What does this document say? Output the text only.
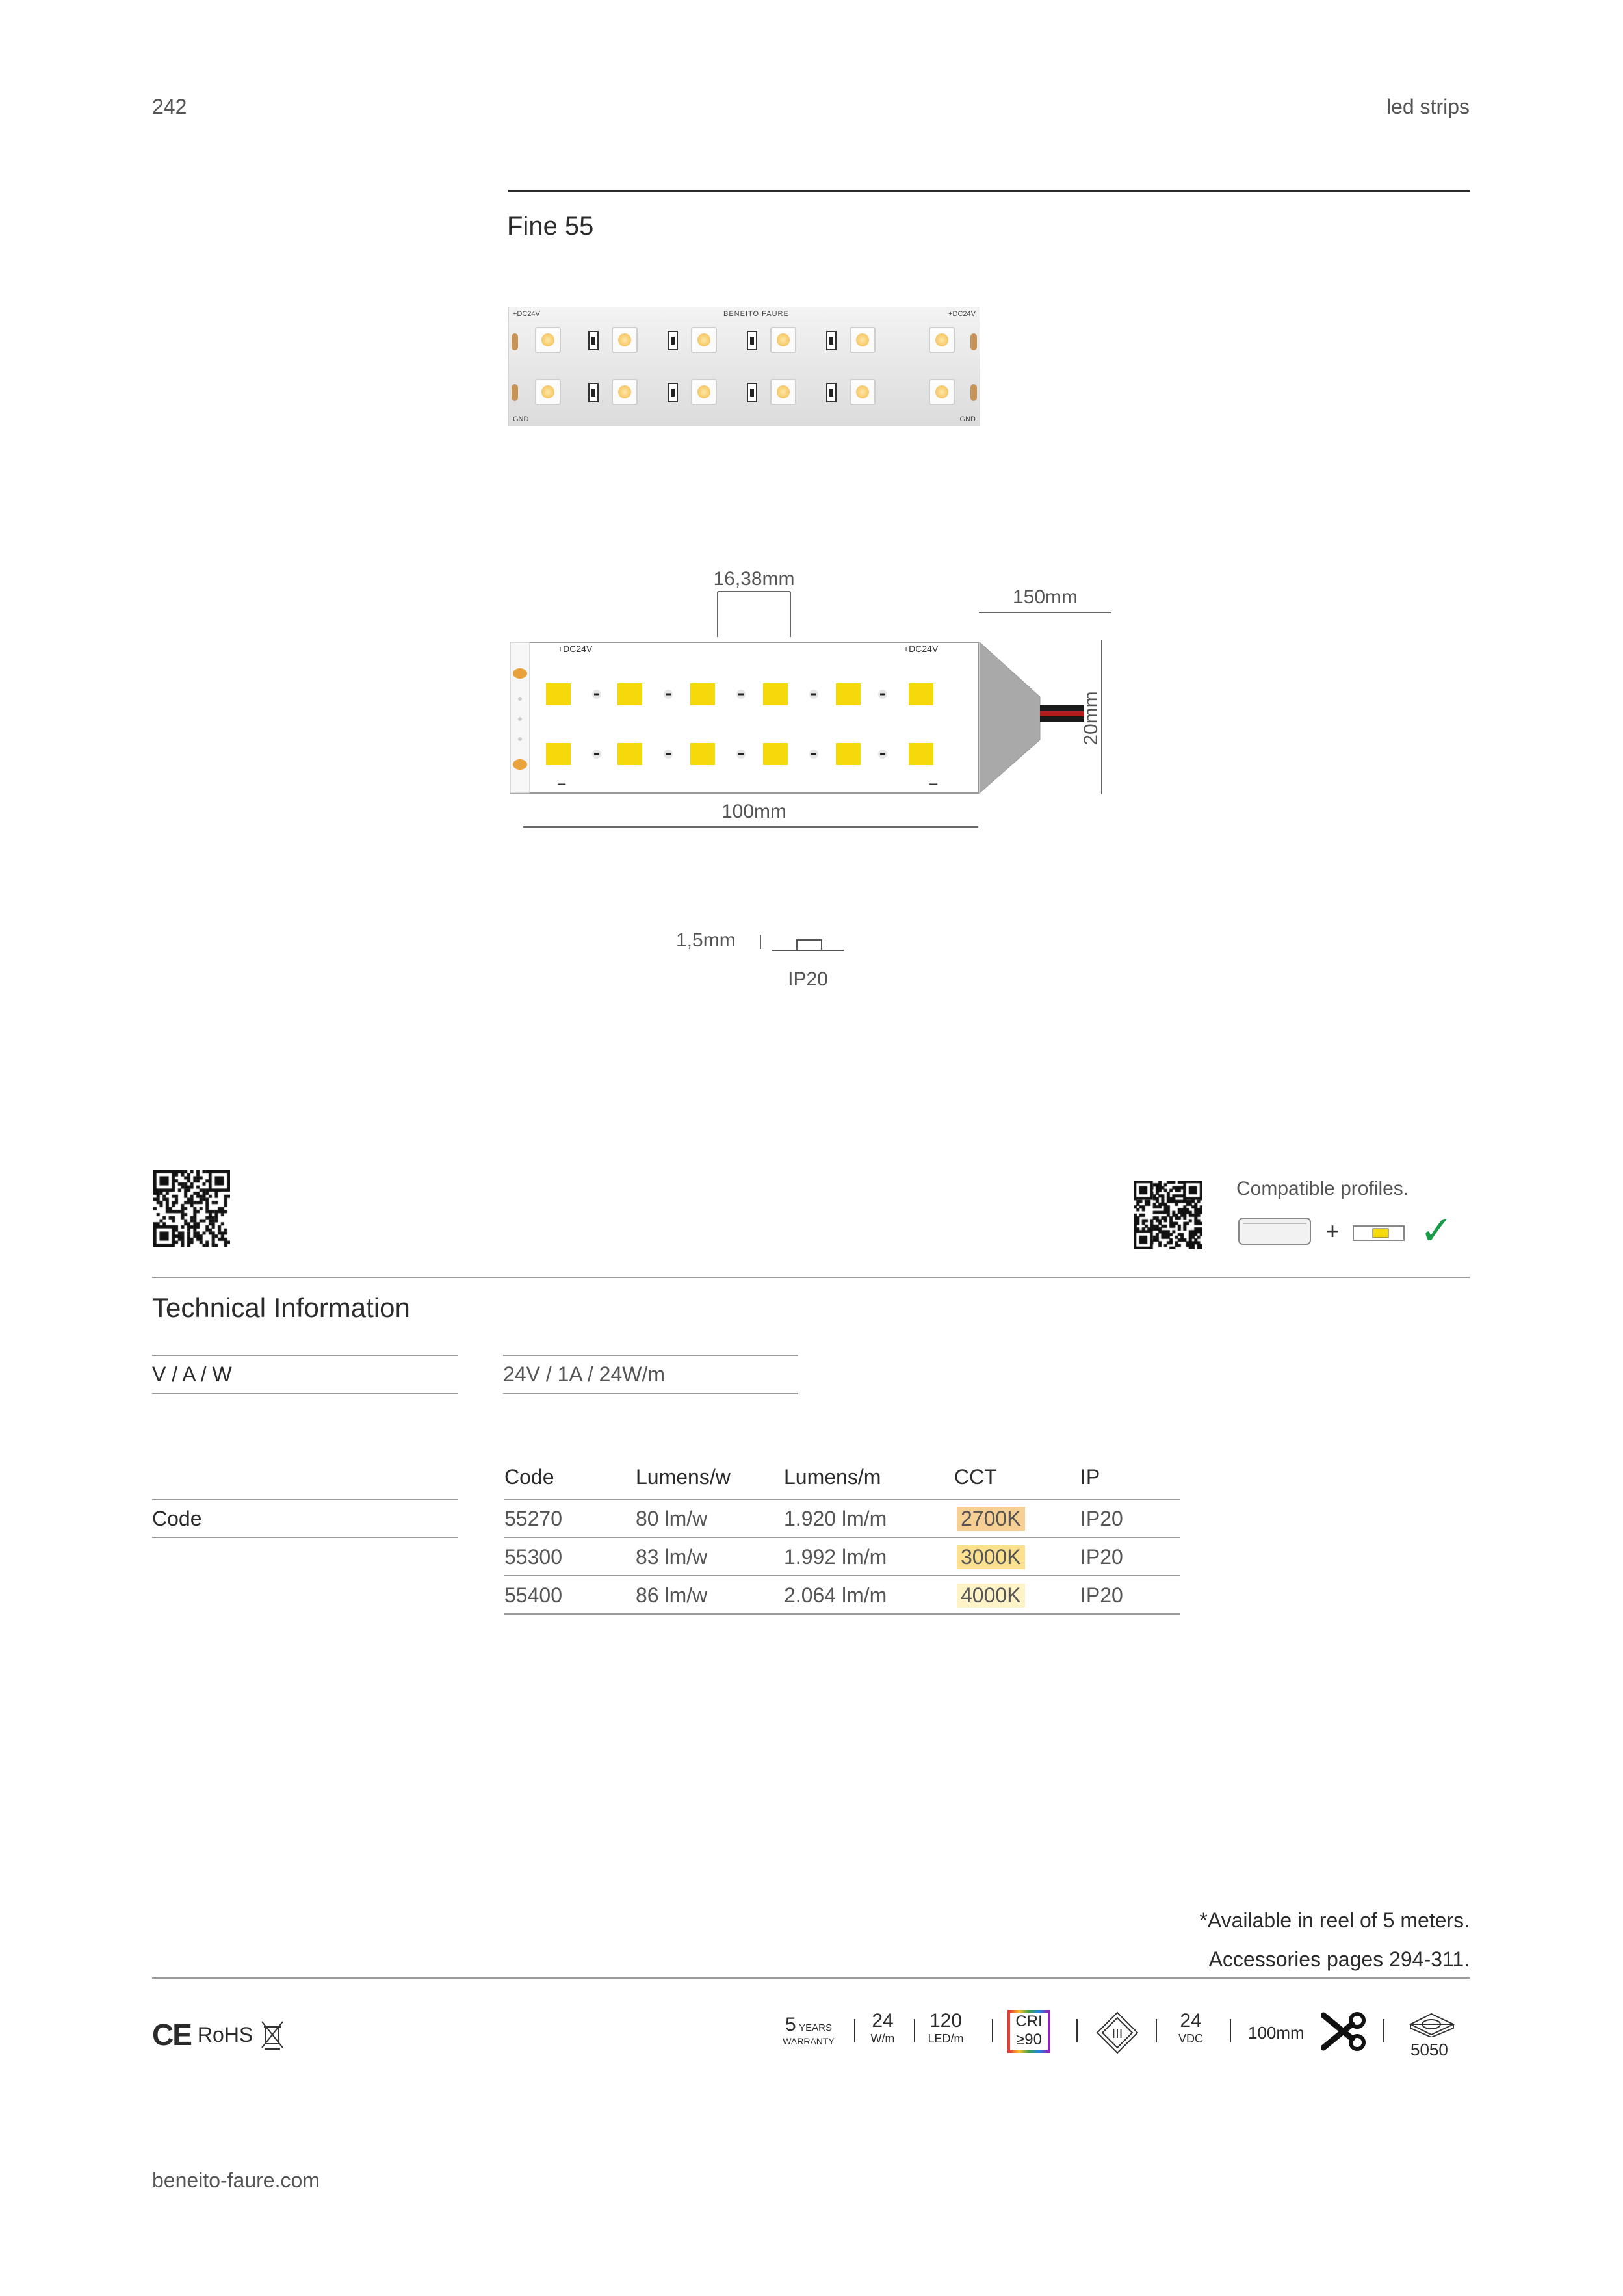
242	led strips
Fine 55
+DC24V	BENEITO FAURE	+DC24V
GND	GND
16,38mm
150mm
+DC24V	+DC24V
–	–
20mm
100mm
1,5mm
IP20
Compatible profiles.
+ ✓
Technical Information
V / A / W	24V / 1A / 24W/m
Code
Code	Lumens/w	Lumens/m	CCT	IP
55270	80 lm/w	1.920 lm/m	2700K	IP20
55300	83 lm/w	1.992 lm/m	3000K	IP20
55400	86 lm/w	2.064 lm/m	4000K	IP20
*Available in reel of 5 meters.
Accessories pages 294-311.
CE RoHS	5 YEARS
WARRANTY
24
W/m
120
LED/m
CRI
≥90	III
24
VDC	100mm
5050
beneito-faure.com
